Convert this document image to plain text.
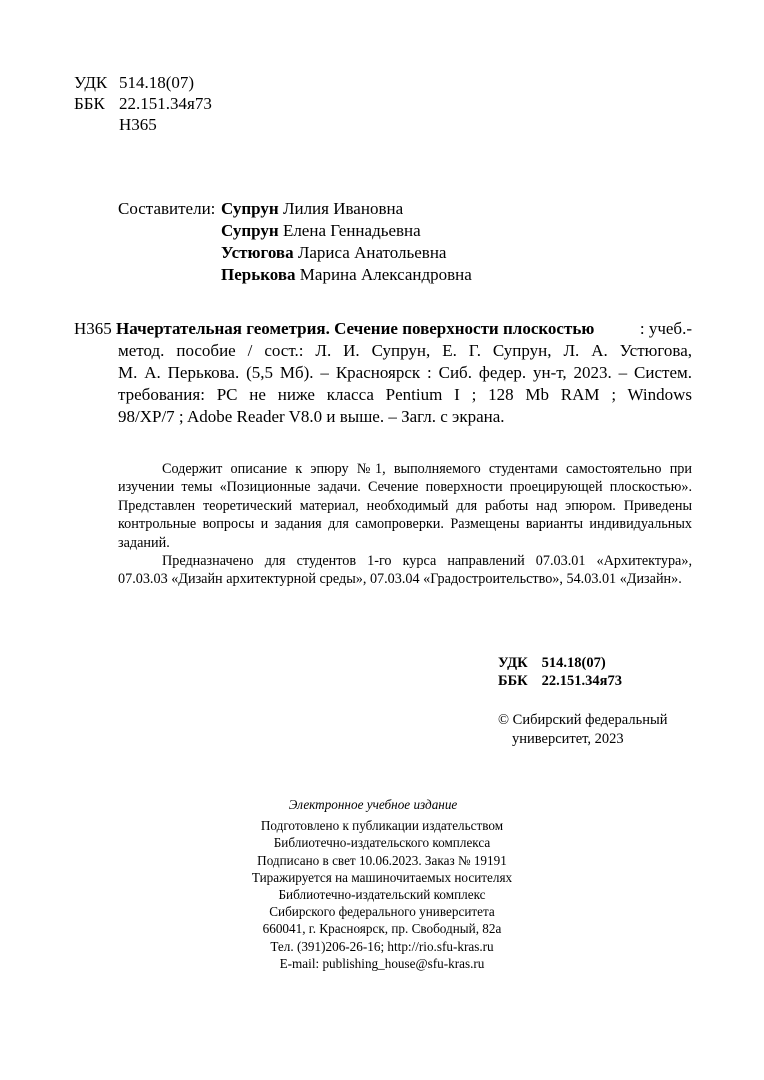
УДК 514.18(07)
ББК 22.151.34я73
Н365
Составители: Супрун Лилия Ивановна
Супрун Елена Геннадьевна
Устюгова Лариса Анатольевна
Перькова Марина Александровна
Н365 Начертательная геометрия. Сечение поверхности плоскостью	: учеб.-
метод. пособие / сост.: Л. И. Супрун, Е. Г. Супрун, Л. А. Устюгова,
М. А. Перькова. (5,5 Мб). – Красноярск : Сиб. федер. ун-т, 2023. – Систем.
требования: PC не ниже класса Pentium I ; 128 Mb RAM ; Windows
98/XP/7 ; Adobe Reader V8.0 и выше. – Загл. с экрана.

Содержит описание к эпюру №1, выполняемого студентами самостоятельно при изучении темы «Позиционные задачи. Сечение поверхности проецирующей плоскостью». Представлен теоретический материал, необходимый для работы над эпюром. Приведены контрольные вопросы и задания для самопроверки. Размещены варианты индивидуальных заданий.

Предназначено для студентов 1-го курса направлений 07.03.01 «Архитектура», 07.03.03 «Дизайн архитектурной среды», 07.03.04 «Градостроительство», 54.03.01 «Дизайн».

УДК 514.18(07)
ББК 22.151.34я73
© Сибирский федеральный
университет, 2023
Электронное учебное издание
Подготовлено к публикации издательством
Библиотечно-издательского комплекса
Подписано в свет 10.06.2023. Заказ № 19191
Тиражируется на машиночитаемых носителях
Библиотечно-издательский комплекс
Сибирского федерального университета
660041, г. Красноярск, пр. Свободный, 82а
Тел. (391)206-26-16; http://rio.sfu-kras.ru
E-mail: publishing_house@sfu-kras.ru
